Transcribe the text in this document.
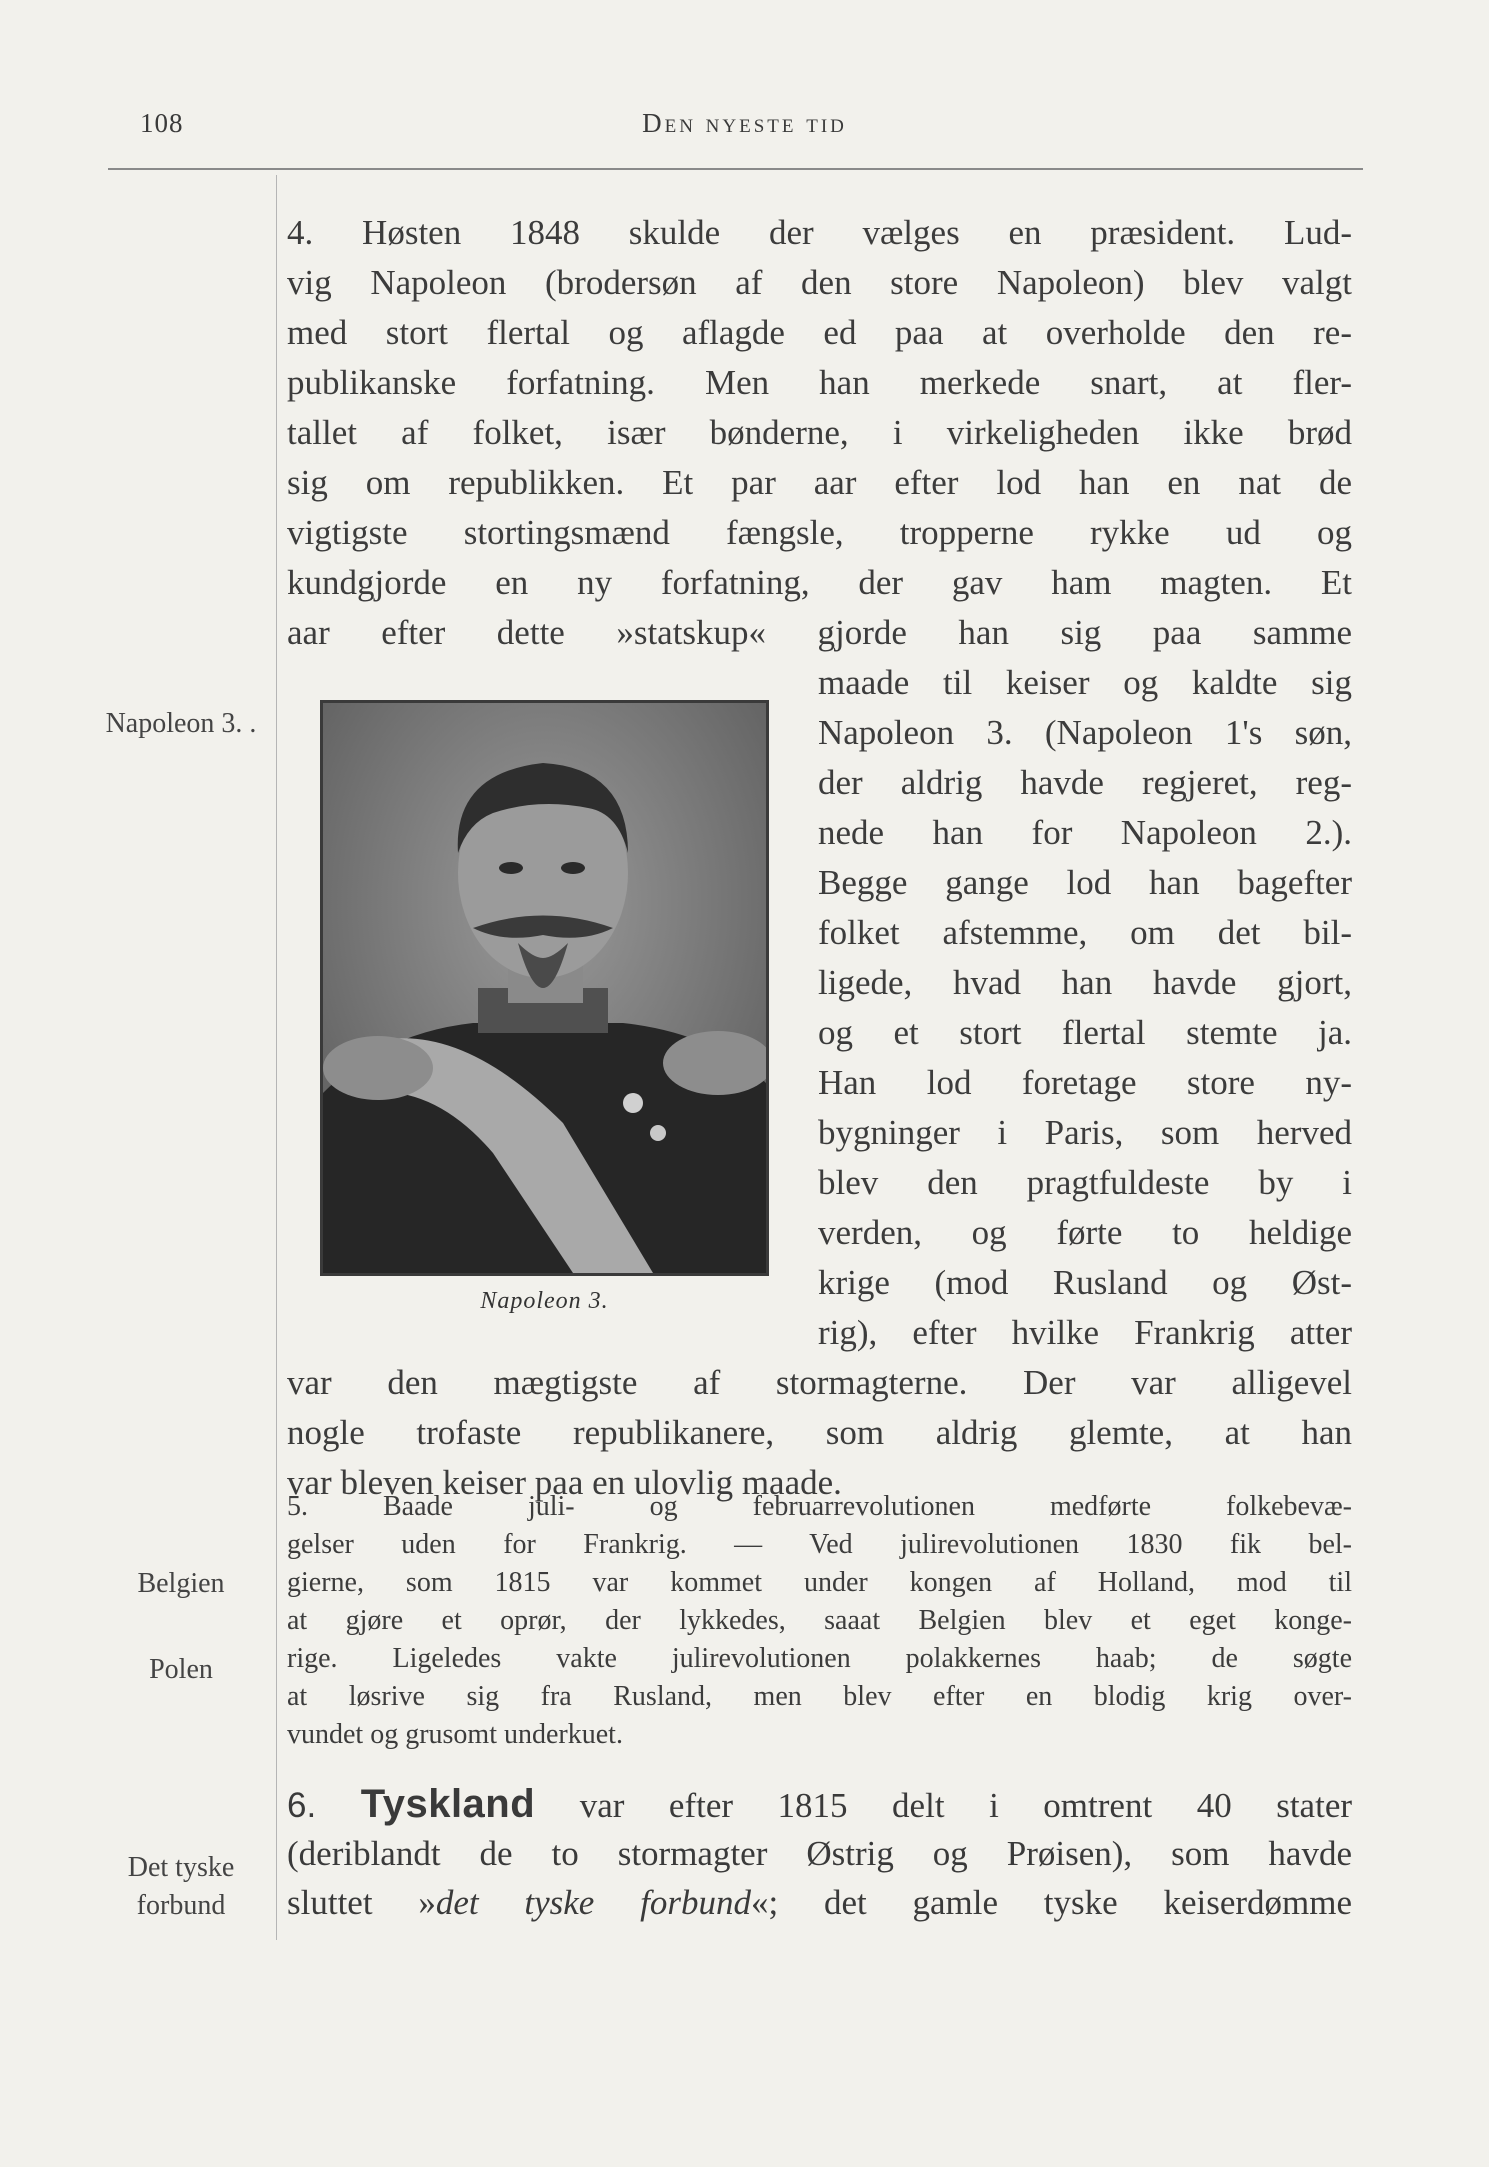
108	Den nyeste tid
Napoleon 3. .
Belgien
Polen
Det tyske
forbund
4. Høsten 1848 skulde der vælges en præsident. Lud-
vig Napoleon (brodersøn af den store Napoleon) blev valgt
med stort flertal og aflagde ed paa at overholde den re-
publikanske forfatning. Men han merkede snart, at fler-
tallet af folket, især bønderne, i virkeligheden ikke brød
sig om republikken. Et par aar efter lod han en nat de
vigtigste stortingsmænd fængsle, tropperne rykke ud og
kundgjorde en ny forfatning, der gav ham magten. Et
aar efter dette »statskup« gjorde han sig paa samme
Napoleon 3.
maade til keiser og kaldte sig
Napoleon 3. (Napoleon 1's søn,
der aldrig havde regjeret, reg-
nede han for Napoleon 2.).
Begge gange lod han bagefter
folket afstemme, om det bil-
ligede, hvad han havde gjort,
og et stort flertal stemte ja.
Han lod foretage store ny-
bygninger i Paris, som herved
blev den pragtfuldeste by i
verden, og førte to heldige
krige (mod Rusland og Øst-
rig), efter hvilke Frankrig atter
var den mægtigste af stormagterne. Der var alligevel
nogle trofaste republikanere, som aldrig glemte, at han
var bleven keiser paa en ulovlig maade.
5. Baade juli- og februarrevolutionen medførte folkebevæ-
gelser uden for Frankrig. — Ved julirevolutionen 1830 fik bel-
gierne, som 1815 var kommet under kongen af Holland, mod til
at gjøre et oprør, der lykkedes, saaat Belgien blev et eget konge-
rige. Ligeledes vakte julirevolutionen polakkernes haab; de søgte
at løsrive sig fra Rusland, men blev efter en blodig krig over-
vundet og grusomt underkuet.
6. Tyskland var efter 1815 delt i omtrent 40 stater
(deriblandt de to stormagter Østrig og Prøisen), som havde
sluttet »det tyske forbund«; det gamle tyske keiserdømme
